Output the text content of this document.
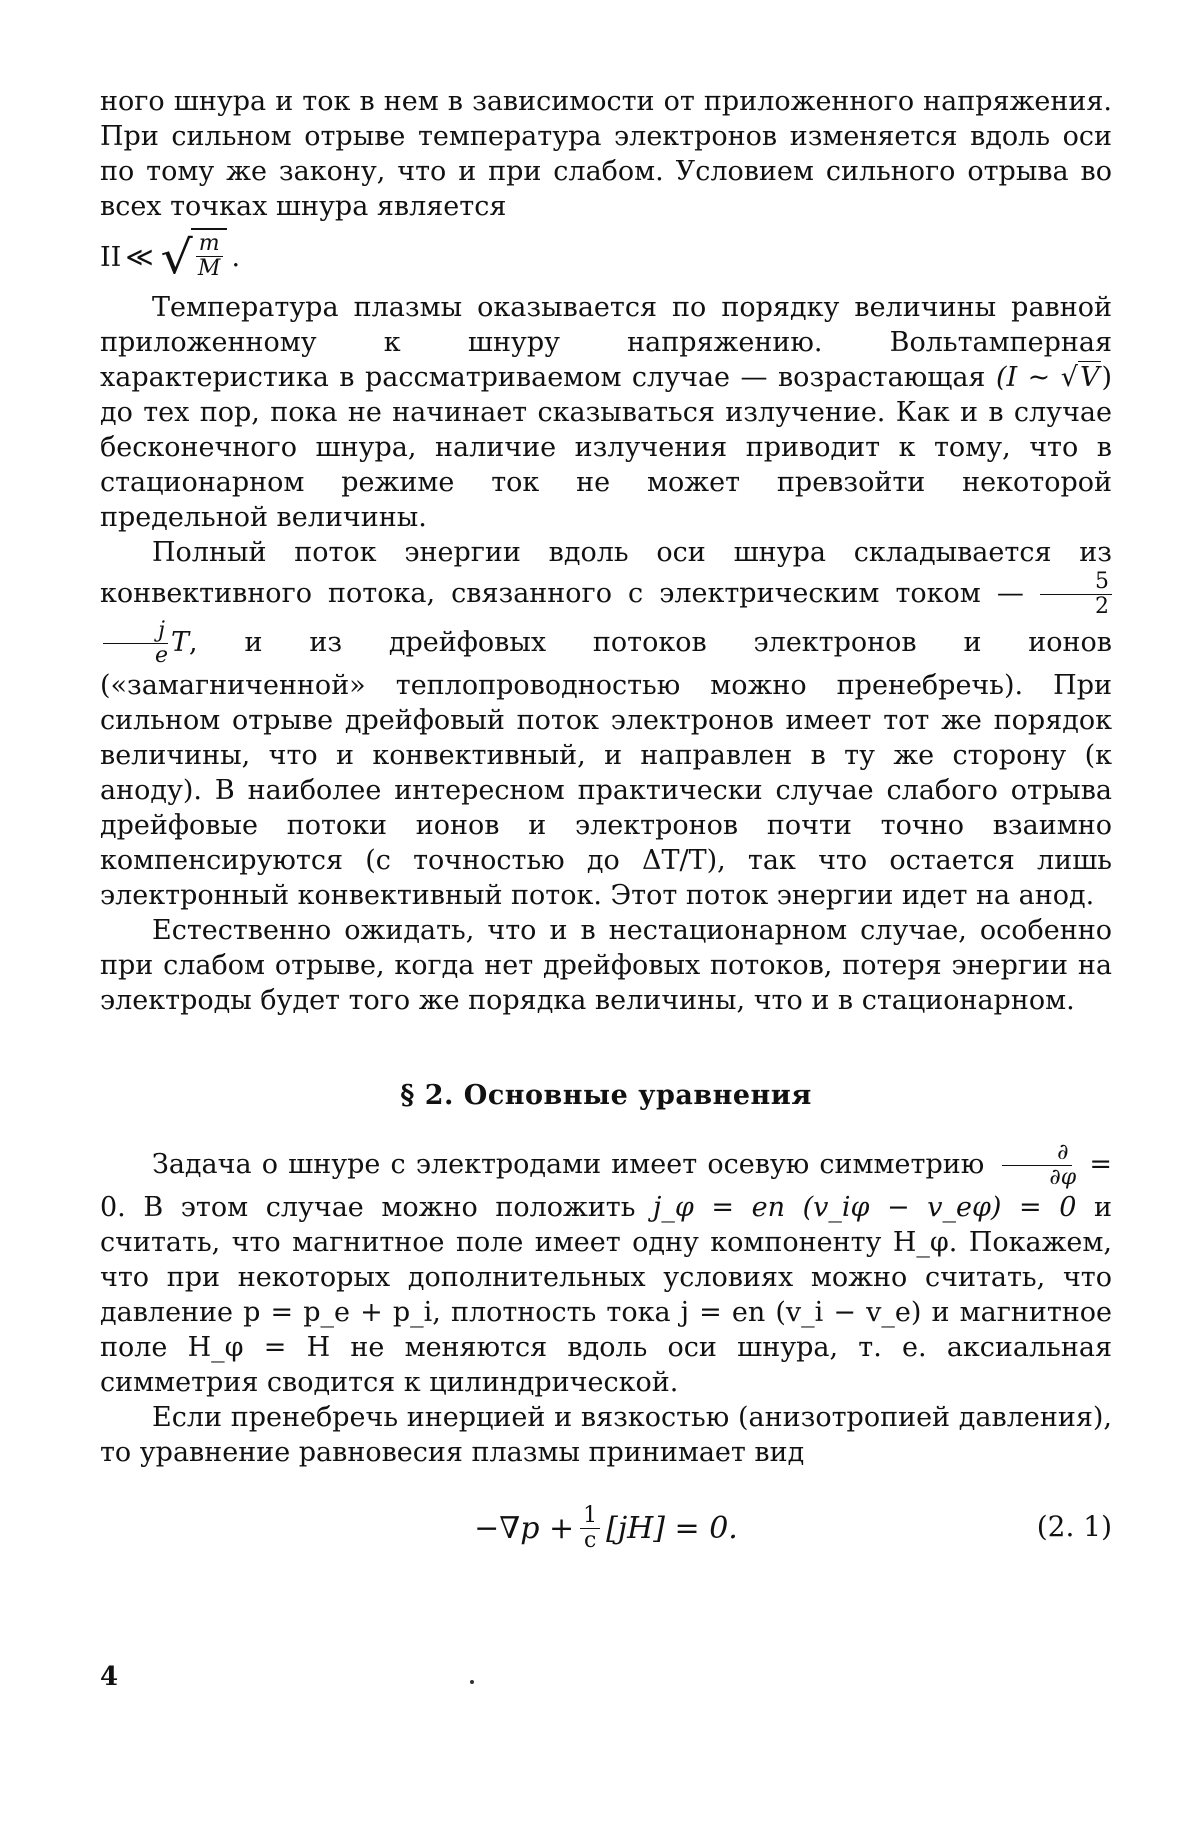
ного шнура и ток в нем в зависимости от приложенного напряжения. При сильном отрыве температура электронов изменяется вдоль оси по тому же закону, что и при слабом. Условием сильного отрыва во всех точках шнура является

ΙΙ ≪ √ $\frac{m}{M}$ .

Температура плазмы оказывается по порядку величины равной приложенному к шнуру напряжению. Вольтамперная характеристика в рассматриваемом случае — возрастающая (I ~ √V) до тех пор, пока не начинает сказываться излучение. Как и в случае бесконечного шнура, наличие излучения приводит к тому, что в стационарном режиме ток не может превзойти некоторой предельной величины.

Полный поток энергии вдоль оси шнура складывается из конвективного потока, связанного с электрическим током — $\frac{5}{2}$

$\frac{j}{e} T$, и из дрейфовых потоков электронов и ионов («замагниченной» теплопроводностью можно пренебречь). При сильном отрыве дрейфовый поток электронов имеет тот же порядок величины, что и конвективный, и направлен в ту же сторону (к аноду). В наиболее интересном практически случае слабого отрыва дрейфовые потоки ионов и электронов почти точно взаимно компенсируются (с точностью до ΔT/T), так что остается лишь электронный конвективный поток. Этот поток энергии идет на анод.

Естественно ожидать, что и в нестационарном случае, особенно при слабом отрыве, когда нет дрейфовых потоков, потеря энергии на электроды будет того же порядка величины, что и в стационарном.

§ 2. Основные уравнения

Задача о шнуре с электродами имеет осевую симметрию $\frac{\partial}{\partial\varphi} = 0$. В этом случае можно положить j_φ = en (v_iφ − v_eφ) = 0 и считать, что магнитное поле имеет одну компоненту H_φ. Покажем, что при некоторых дополнительных условиях можно считать, что давление p = p_e + p_i, плотность тока j = en (v_i − v_e) и магнитное поле H_φ = H не меняются вдоль оси шнура, т. е. аксиальная симметрия сводится к цилиндрической.

Если пренебречь инерцией и вязкостью (анизотропией давления), то уравнение равновесия плазмы принимает вид

$-\nabla p + \frac{1}{c} [jH] = 0$.	(2. 1)
4
